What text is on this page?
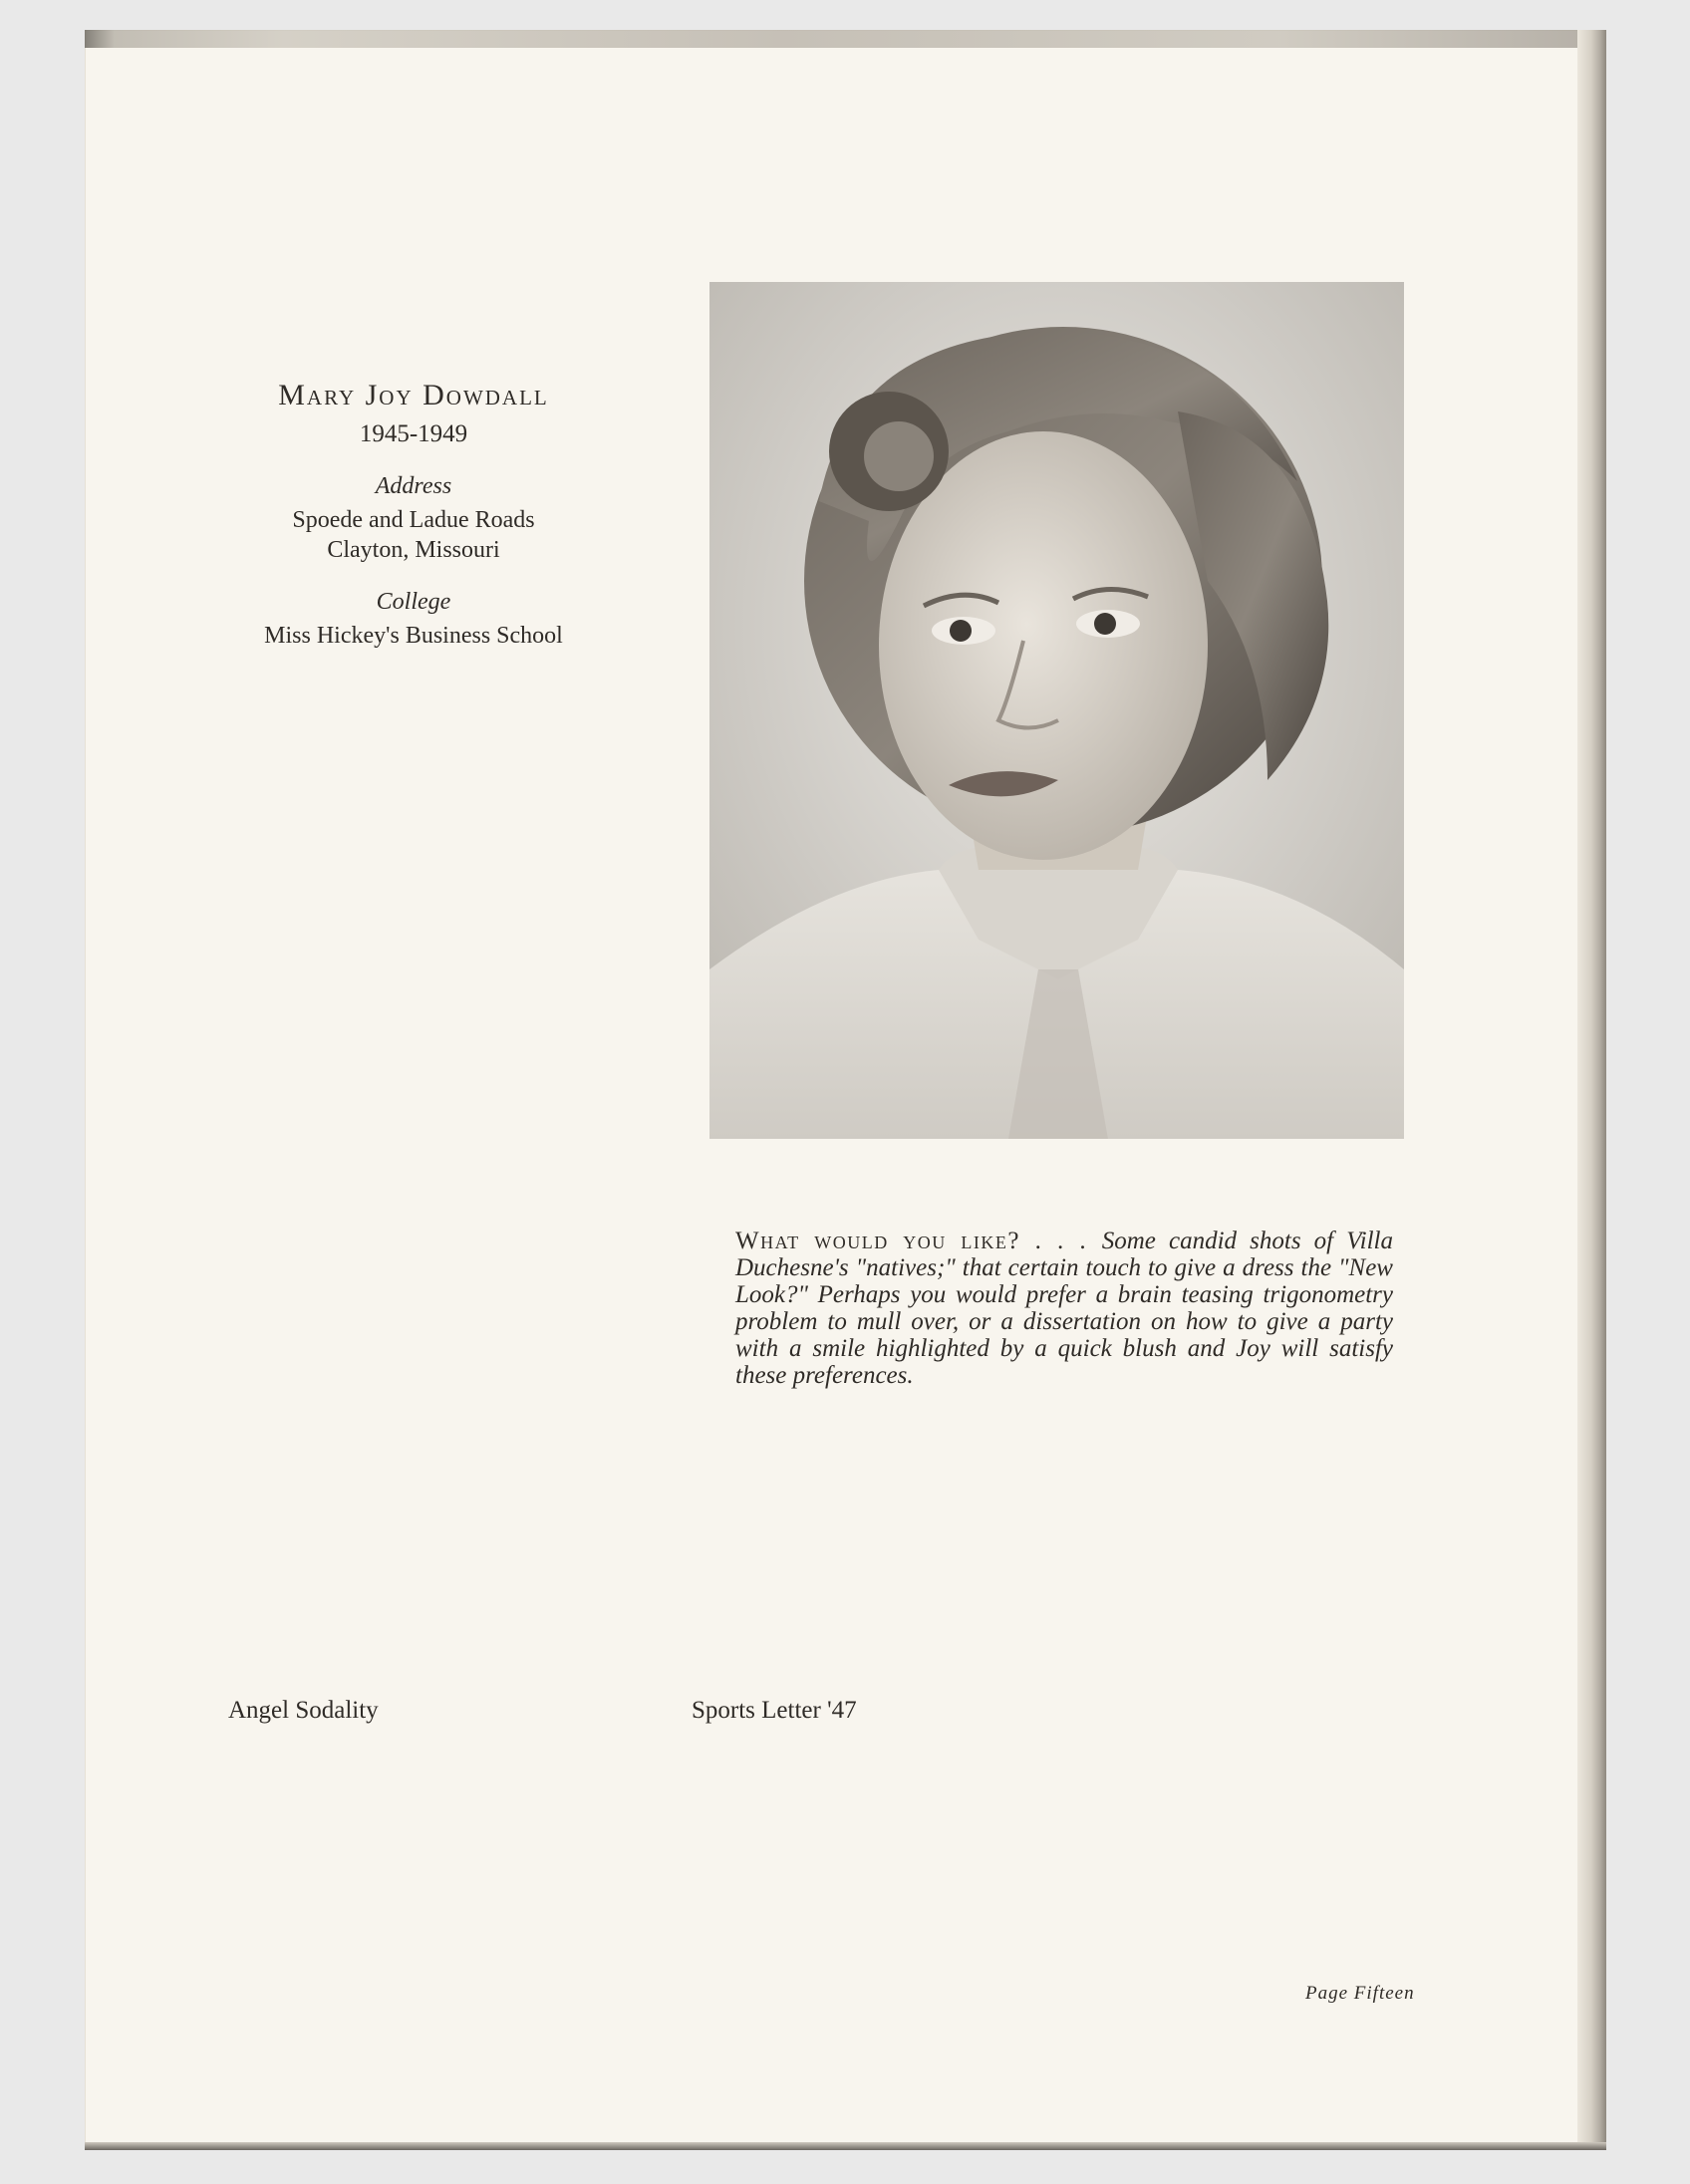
Mary Joy Dowdall

1945-1949

Address

Spoede and Ladue Roads

Clayton, Missouri

College

Miss Hickey's Business School

What would you like? . . . Some candid shots of Villa Duchesne's "natives;" that certain touch to give a dress the "New Look?" Perhaps you would prefer a brain teasing trigonometry problem to mull over, or a dissertation on how to give a party with a smile highlighted by a quick blush and Joy will satisfy these preferences.
Angel Sodality	Sports Letter '47
Page Fifteen
